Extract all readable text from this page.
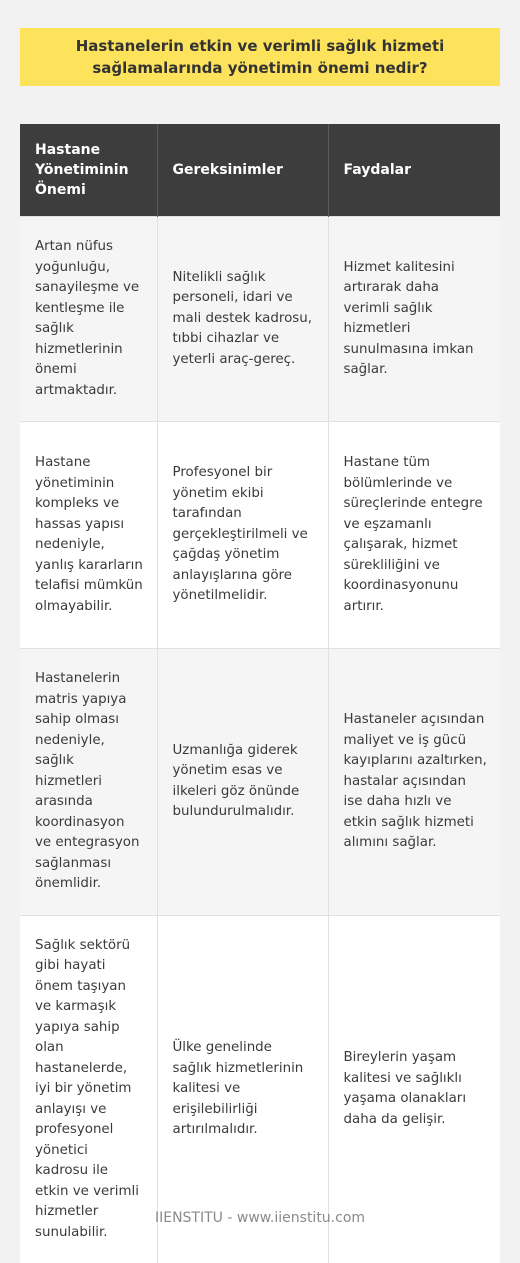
Hastanelerin etkin ve verimli sağlık hizmeti sağlamalarında yönetimin önemi nedir?
Hastane Yönetiminin Önemi	Gereksinimler	Faydalar
Artan nüfus yoğunluğu, sanayileşme ve kentleşme ile sağlık hizmetlerinin önemi artmaktadır.	Nitelikli sağlık personeli, idari ve mali destek kadrosu, tıbbi cihazlar ve yeterli araç-gereç.	Hizmet kalitesini artırarak daha verimli sağlık hizmetleri sunulmasına imkan sağlar.
Hastane yönetiminin kompleks ve hassas yapısı nedeniyle, yanlış kararların telafisi mümkün olmayabilir.	Profesyonel bir yönetim ekibi tarafından gerçekleştirilmeli ve çağdaş yönetim anlayışlarına göre yönetilmelidir.	Hastane tüm bölümlerinde ve süreçlerinde entegre ve eşzamanlı çalışarak, hizmet sürekliliğini ve koordinasyonunu artırır.
Hastanelerin matris yapıya sahip olması nedeniyle, sağlık hizmetleri arasında koordinasyon ve entegrasyon sağlanması önemlidir.	Uzmanlığa giderek yönetim esas ve ilkeleri göz önünde bulundurulmalıdır.	Hastaneler açısından maliyet ve iş gücü kayıplarını azaltırken, hastalar açısından ise daha hızlı ve etkin sağlık hizmeti alımını sağlar.
Sağlık sektörü gibi hayati önem taşıyan ve karmaşık yapıya sahip olan hastanelerde, iyi bir yönetim anlayışı ve profesyonel yönetici kadrosu ile etkin ve verimli hizmetler sunulabilir.	Ülke genelinde sağlık hizmetlerinin kalitesi ve erişilebilirliği artırılmalıdır.	Bireylerin yaşam kalitesi ve sağlıklı yaşama olanakları daha da gelişir.
IIENSTITU - www.iienstitu.com
